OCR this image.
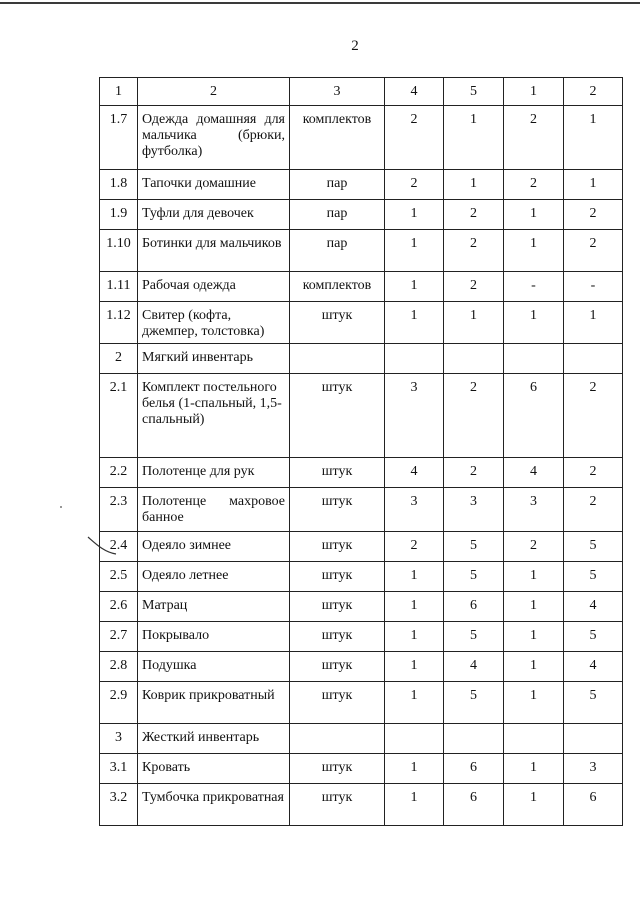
2
1	2	3	4	5	1	2
1.7	Одежда домашняя для мальчика (брюки, футболка)	комплектов	2	1	2	1
1.8	Тапочки домашние	пар	2	1	2	1
1.9	Туфли для девочек	пар	1	2	1	2
1.10	Ботинки для мальчиков	пар	1	2	1	2
1.11	Рабочая одежда	комплектов	1	2	-	-
1.12	Свитер (кофта, джемпер, толстовка)	штук	1	1	1	1
2	Мягкий инвентарь					
2.1	Комплект постельного белья (1-спальный, 1,5- спальный)	штук	3	2	6	2
2.2	Полотенце для рук	штук	4	2	4	2
2.3	Полотенце махровое банное	штук	3	3	3	2
2.4	Одеяло зимнее	штук	2	5	2	5
2.5	Одеяло летнее	штук	1	5	1	5
2.6	Матрац	штук	1	6	1	4
2.7	Покрывало	штук	1	5	1	5
2.8	Подушка	штук	1	4	1	4
2.9	Коврик прикроватный	штук	1	5	1	5
3	Жесткий инвентарь					
3.1	Кровать	штук	1	6	1	3
3.2	Тумбочка прикроватная	штук	1	6	1	6
